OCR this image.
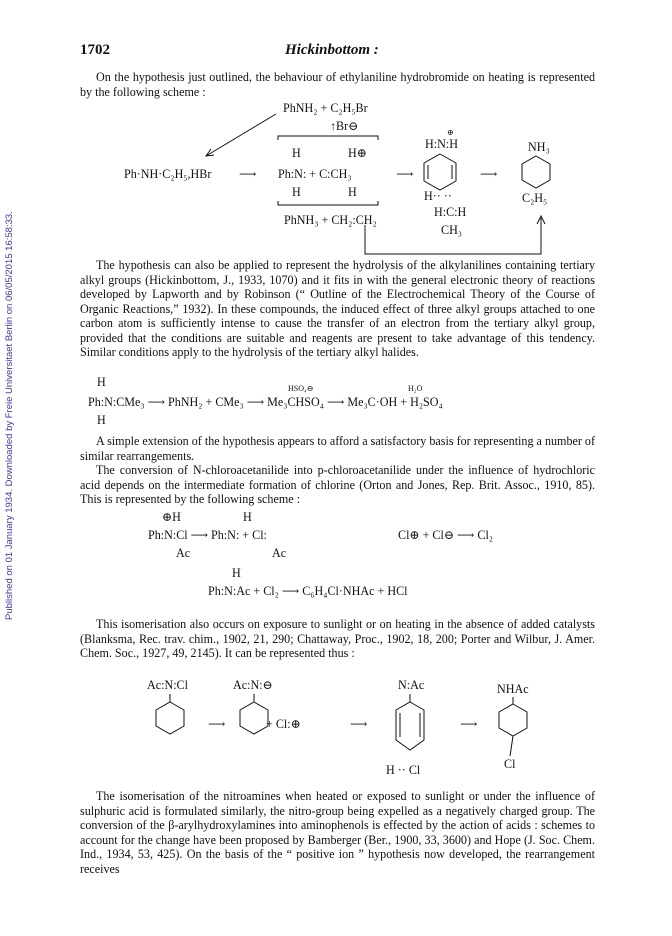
Published on 01 January 1934. Downloaded by Freie Universitaet Berlin on 06/05/2015 16:58:33.
1702	Hickinbottom :
On the hypothesis just outlined, the behaviour of ethylaniline hydrobromide on heating is represented by the following scheme :
PhNH₂ + C₂H₅Br
↑Br⊖
H	H⊕
Ph·NH·C₂H₅,HBr ⟶ Ph:N: + C:CH₃	⟶	⟶
H	H
PhNH₃ + CH₂:CH₂
⊕
H:N:H
H·· ··
H:C:H
CH₃
NH₃
C₂H₅
The hypothesis can also be applied to represent the hydrolysis of the alkylanilines containing tertiary alkyl groups (Hickinbottom, J., 1933, 1070) and it fits in with the general electronic theory of reactions developed by Lapworth and by Robinson (“ Outline of the Electrochemical Theory of the Course of Organic Reactions,” 1932). In these compounds, the induced effect of three alkyl groups attached to one carbon atom is sufficiently intense to cause the transfer of an electron from the tertiary alkyl group, provided that the conditions are suitable and reagents are present to take advantage of this tendency. Similar conditions apply to the hydrolysis of the tertiary alkyl halides.
H	HSO₄⊖	H₂O
Ph:N:CMe₃ ⟶ PhNH₂ + CMe₃ ⟶ Me₃CHSO₄ ⟶ Me₃C·OH + H₂SO₄
H
A simple extension of the hypothesis appears to afford a satisfactory basis for representing a number of similar rearrangements.
The conversion of N-chloroacetanilide into p-chloroacetanilide under the influence of hydrochloric acid depends on the intermediate formation of chlorine (Orton and Jones, Rep. Brit. Assoc., 1910, 85). This is represented by the following scheme :
⊕H	H
Ph:N:Cl ⟶ Ph:N: + Cl:	Cl⊕ + Cl⊖ ⟶ Cl₂
Ac	Ac
H
Ph:N:Ac + Cl₂ ⟶ C₆H₄Cl·NHAc + HCl
This isomerisation also occurs on exposure to sunlight or on heating in the absence of added catalysts (Blanksma, Rec. trav. chim., 1902, 21, 290; Chattaway, Proc., 1902, 18, 200; Porter and Wilbur, J. Amer. Chem. Soc., 1927, 49, 2145). It can be represented thus :
Ac:N:Cl	Ac:N:⊖	N:Ac	NHAc
⟶	+ Cl:⊕	⟶	⟶
H ·· Cl	Cl
The isomerisation of the nitroamines when heated or exposed to sunlight or under the influence of sulphuric acid is formulated similarly, the nitro-group being expelled as a negatively charged group. The conversion of the β-arylhydroxylamines into aminophenols is effected by the action of acids : schemes to account for the change have been proposed by Bamberger (Ber., 1900, 33, 3600) and Hope (J. Soc. Chem. Ind., 1934, 53, 425). On the basis of the “ positive ion ” hypothesis now developed, the rearrangement receives
